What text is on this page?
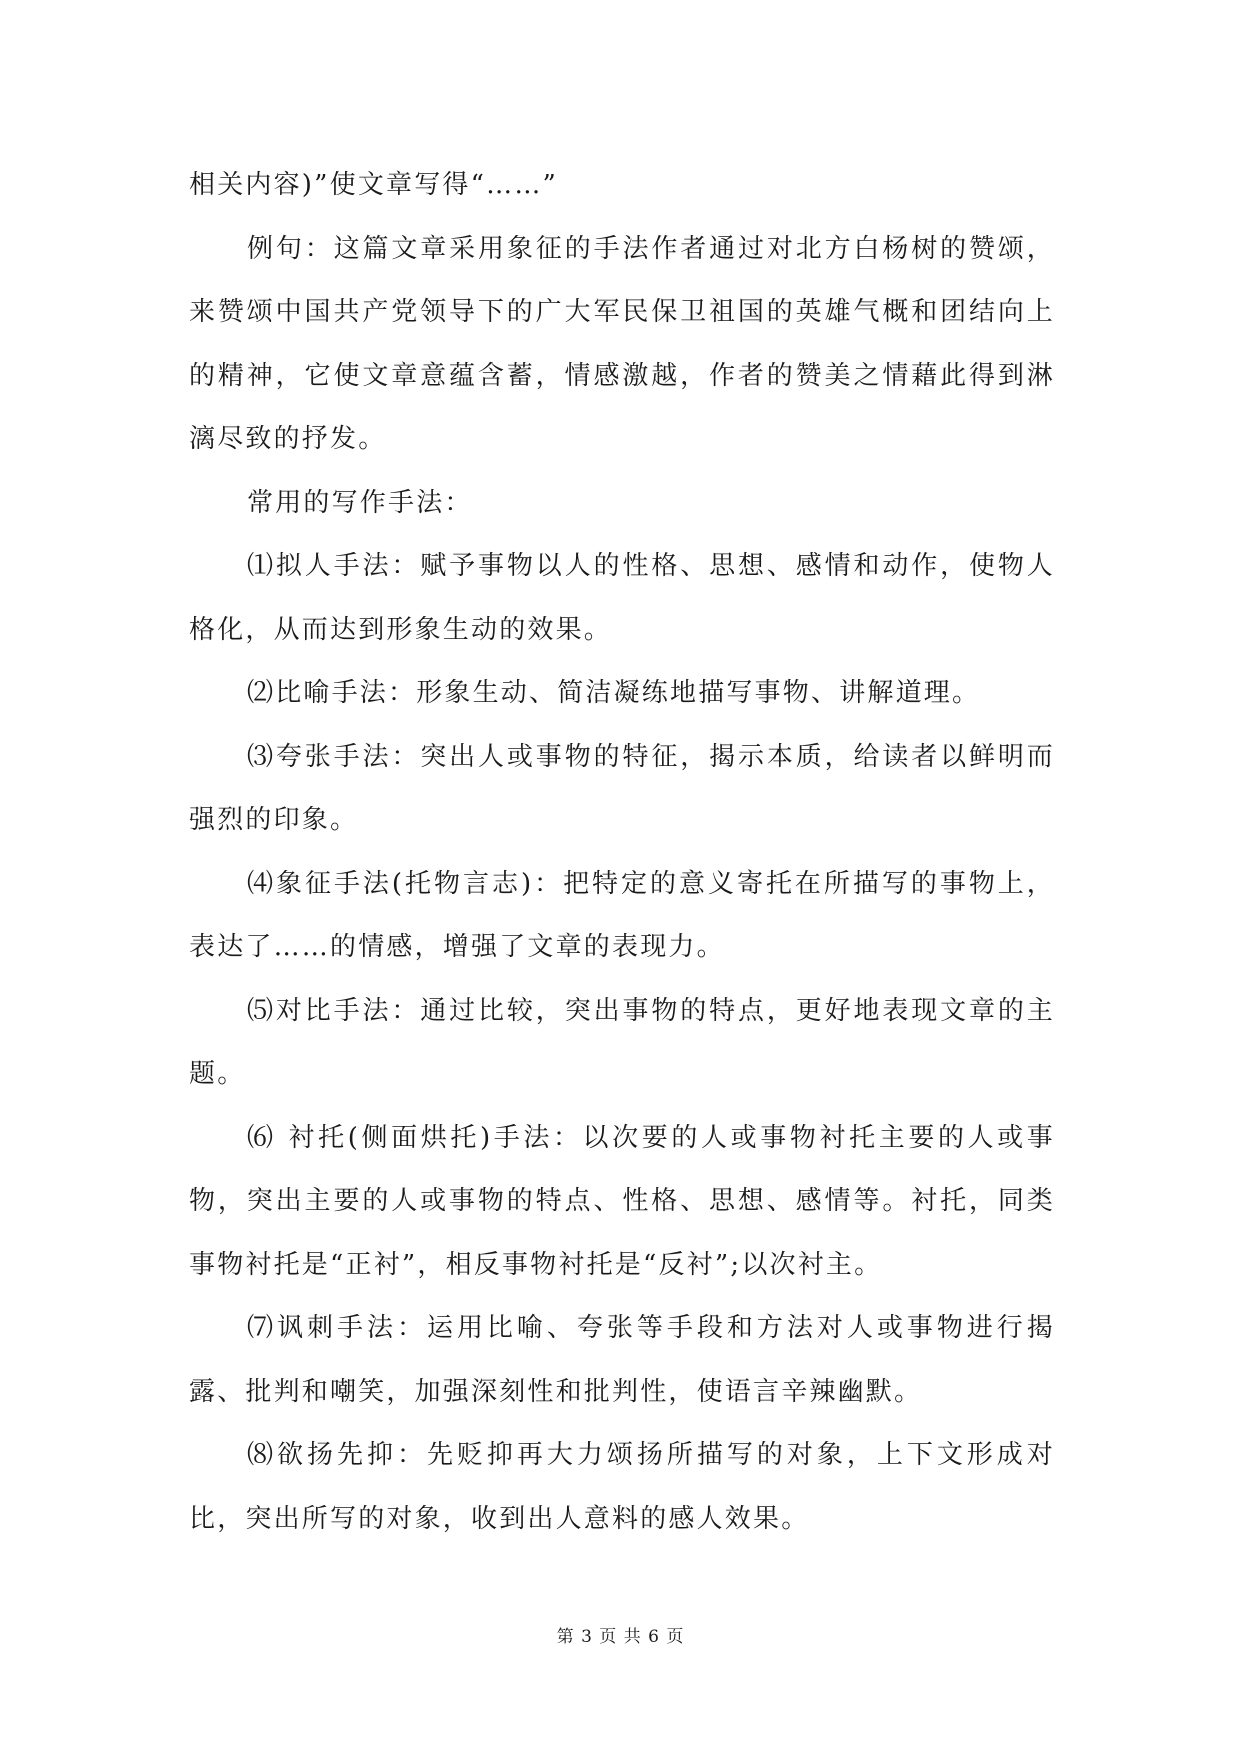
相关内容)”使文章写得“……”

例句：这篇文章采用象征的手法作者通过对北方白杨树的赞颂，来赞颂中国共产党领导下的广大军民保卫祖国的英雄气概和团结向上的精神，它使文章意蕴含蓄，情感激越，作者的赞美之情藉此得到淋漓尽致的抒发。

常用的写作手法：

⑴拟人手法：赋予事物以人的性格、思想、感情和动作，使物人格化，从而达到形象生动的效果。

⑵比喻手法：形象生动、简洁凝练地描写事物、讲解道理。

⑶夸张手法：突出人或事物的特征，揭示本质，给读者以鲜明而强烈的印象。

⑷象征手法(托物言志)：把特定的意义寄托在所描写的事物上，表达了……的情感，增强了文章的表现力。

⑸对比手法：通过比较，突出事物的特点，更好地表现文章的主题。

⑹ 衬托(侧面烘托)手法：以次要的人或事物衬托主要的人或事物，突出主要的人或事物的特点、性格、思想、感情等。衬托，同类事物衬托是“正衬”，相反事物衬托是“反衬”;以次衬主。

⑺讽刺手法：运用比喻、夸张等手段和方法对人或事物进行揭露、批判和嘲笑，加强深刻性和批判性，使语言辛辣幽默。

⑻欲扬先抑：先贬抑再大力颂扬所描写的对象，上下文形成对比，突出所写的对象，收到出人意料的感人效果。

第 3 页 共 6 页
